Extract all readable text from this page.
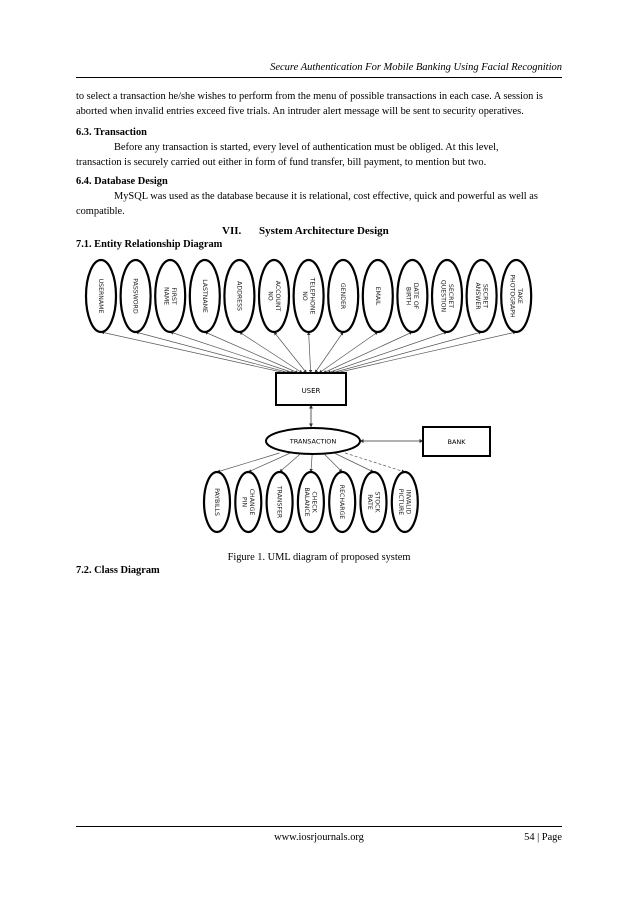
Secure Authentication For Mobile Banking Using Facial Recognition
to select a transaction he/she wishes to perform from the menu of possible transactions in each case. A session is
aborted when invalid entries exceed five trials. An intruder alert message will be sent to security operatives.
6.3. Transaction
Before any transaction is started, every level of authentication must be obliged. At this level,
transaction is securely carried out either in form of fund transfer, bill payment, to mention but two.
6.4. Database Design
MySQL was used as the database because it is relational, cost effective, quick and powerful as well as
compatible.
VII. System Architecture Design
7.1. Entity Relationship Diagram
USERNAME	PASSWORD	FIRSTNAME	LASTNAME	ADDRESS	ACCOUNTNO	TELEPHONENO	GENDER	EMAIL	DATE OFBIRTH	SECRETQUESTION	SECRETANSWER	TAKEPHOTOGRAPH
USER
TRANSACTION	BANK
PAYBILLS	CHANGEPIN	TRANSFER	CHECKBALANCE	RECHARGE	STOCKRATE	INVALIDPICTURE
Figure 1. UML diagram of proposed system
7.2. Class Diagram
www.iosrjournals.org	54 | Page
